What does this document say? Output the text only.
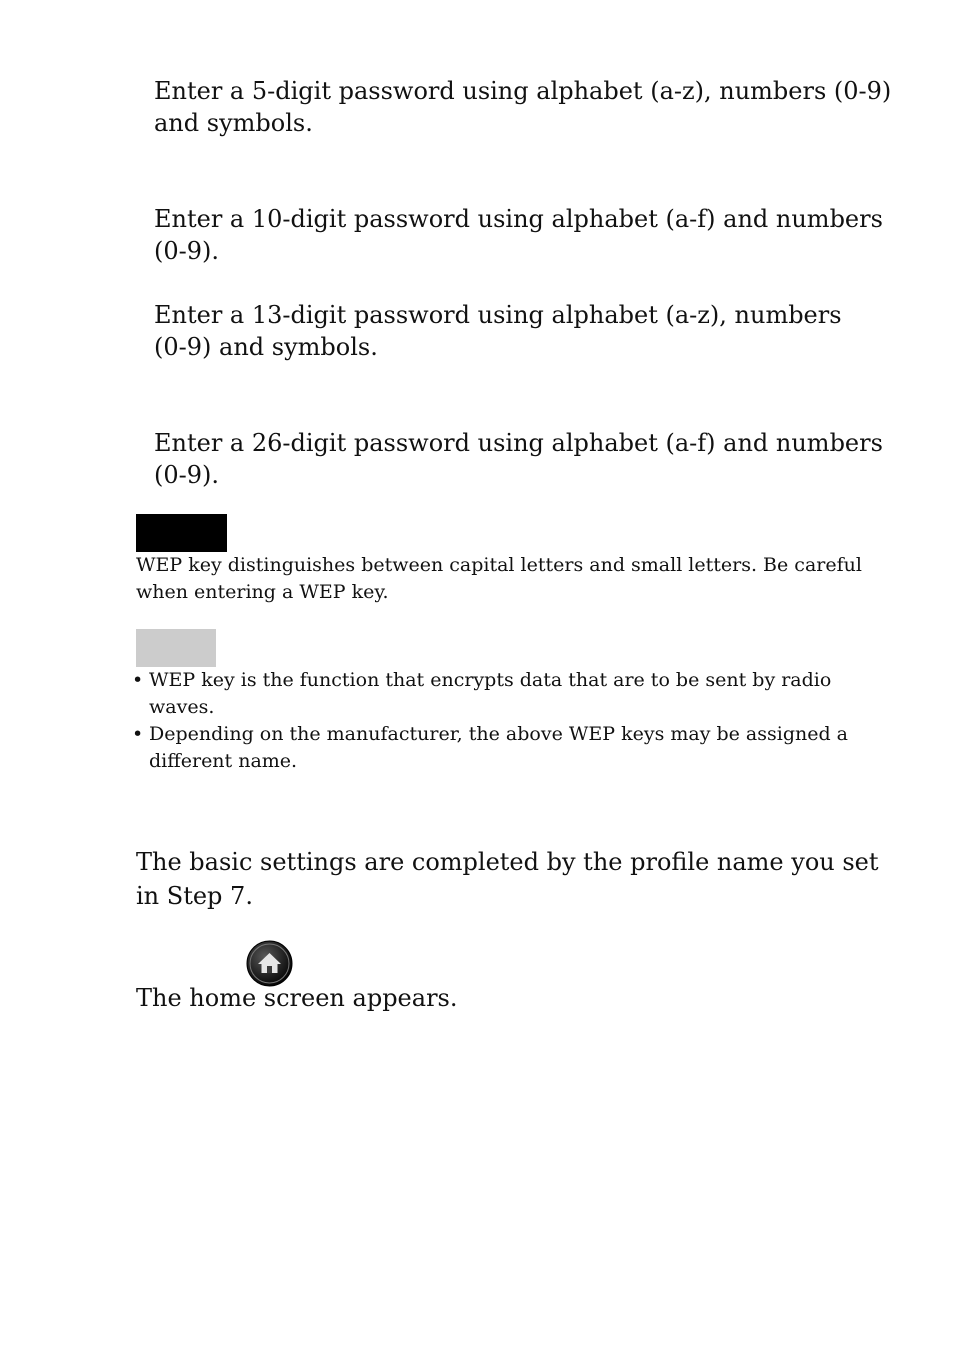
Enter a 5-digit password using alphabet (a-z), numbers (0-9) and symbols.

Enter a 10-digit password using alphabet (a-f) and numbers (0-9).

Enter a 13-digit password using alphabet (a-z), numbers
(0-9) and symbols.

Enter a 26-digit password using alphabet (a-f) and numbers (0-9).

WEP key distinguishes between capital letters and small letters. Be careful when entering a WEP key.

• WEP key is the function that encrypts data that are to be sent by radio waves.
• Depending on the manufacturer, the above WEP keys may be assigned a different name.

The basic settings are completed by the profile name you set in Step 7.

The home screen appears.
